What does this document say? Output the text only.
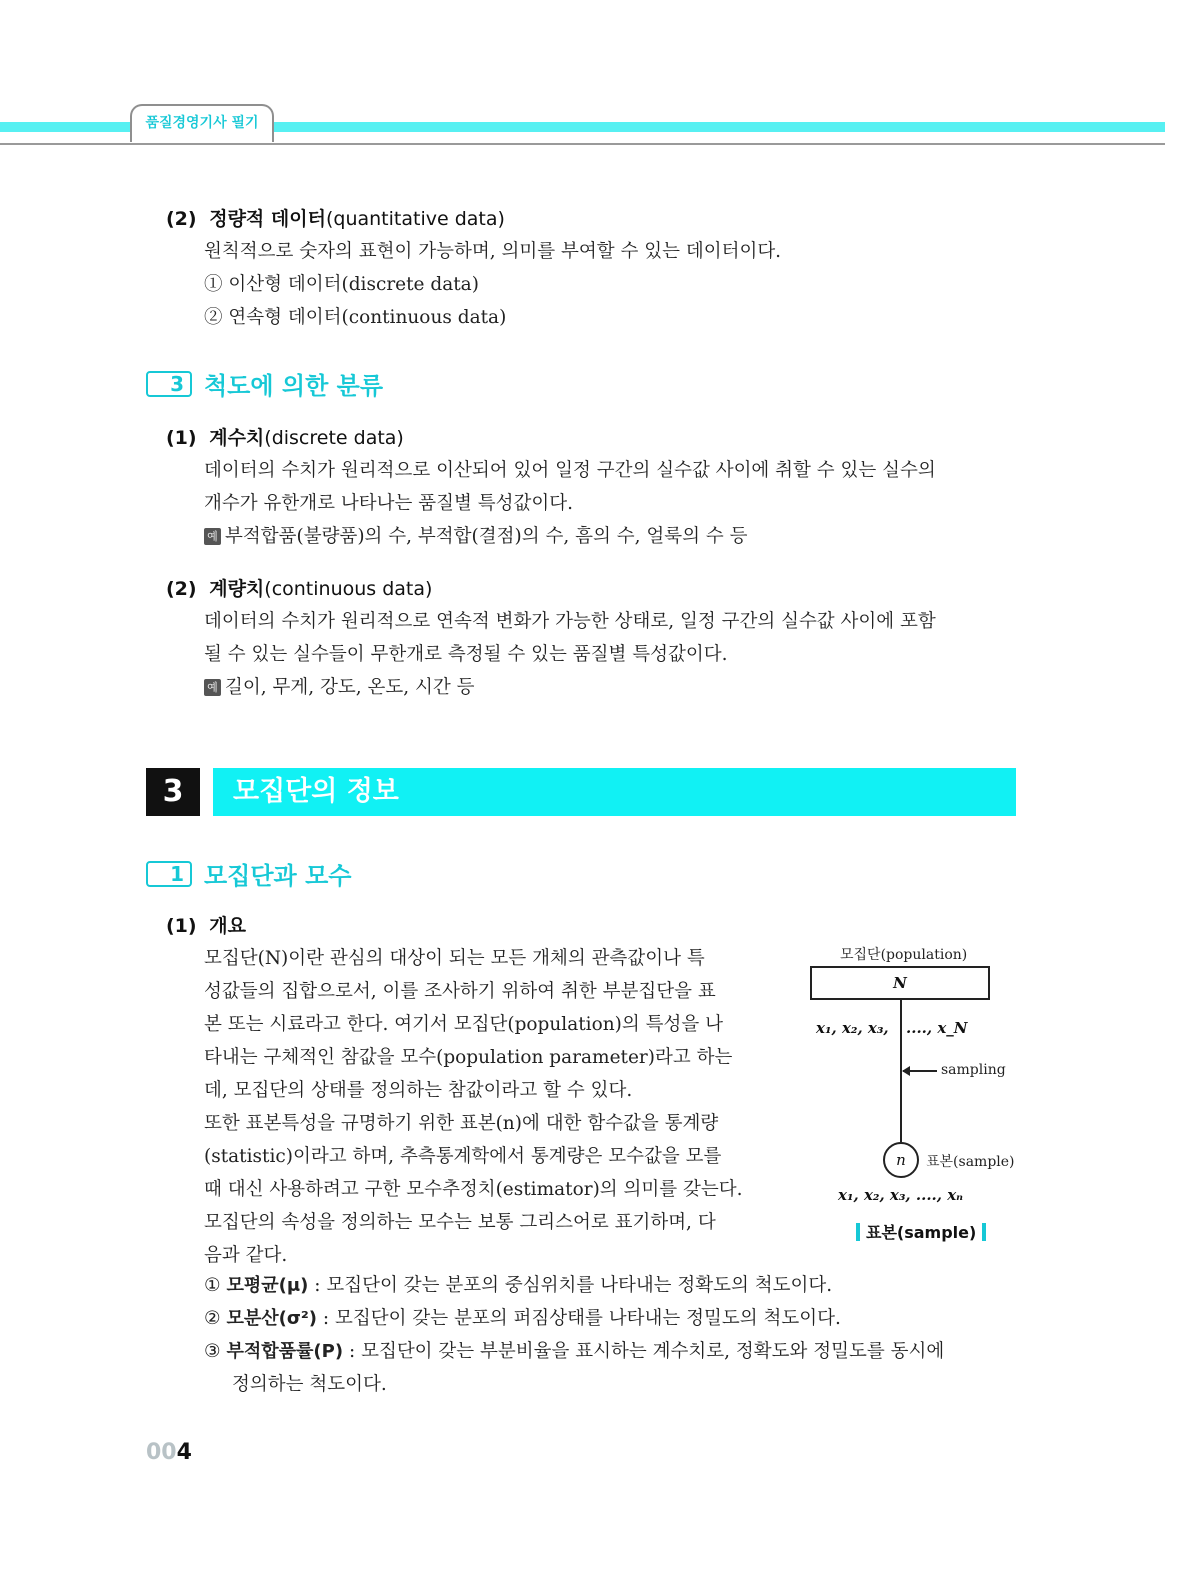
품질경영기사 필기
(2) 정량적 데이터(quantitative data)
원칙적으로 숫자의 표현이 가능하며, 의미를 부여할 수 있는 데이터이다.
① 이산형 데이터(discrete data)
② 연속형 데이터(continuous data)
3 척도에 의한 분류
(1) 계수치(discrete data)
데이터의 수치가 원리적으로 이산되어 있어 일정 구간의 실수값 사이에 취할 수 있는 실수의
개수가 유한개로 나타나는 품질별 특성값이다.
예 부적합품(불량품)의 수, 부적합(결점)의 수, 흠의 수, 얼룩의 수 등
(2) 계량치(continuous data)
데이터의 수치가 원리적으로 연속적 변화가 가능한 상태로, 일정 구간의 실수값 사이에 포함
될 수 있는 실수들이 무한개로 측정될 수 있는 품질별 특성값이다.
예 길이, 무게, 강도, 온도, 시간 등
3	모집단의 정보
1 모집단과 모수
(1) 개요
모집단(N)이란 관심의 대상이 되는 모든 개체의 관측값이나 특
성값들의 집합으로서, 이를 조사하기 위하여 취한 부분집단을 표
본 또는 시료라고 한다. 여기서 모집단(population)의 특성을 나
타내는 구체적인 참값을 모수(population parameter)라고 하는
데, 모집단의 상태를 정의하는 참값이라고 할 수 있다.
또한 표본특성을 규명하기 위한 표본(n)에 대한 함수값을 통계량
(statistic)이라고 하며, 추측통계학에서 통계량은 모수값을 모를
때 대신 사용하려고 구한 모수추정치(estimator)의 의미를 갖는다.
모집단의 속성을 정의하는 모수는 보통 그리스어로 표기하며, 다
음과 같다.
① 모평균(μ) : 모집단이 갖는 분포의 중심위치를 나타내는 정확도의 척도이다.
② 모분산(σ²) : 모집단이 갖는 분포의 퍼짐상태를 나타내는 정밀도의 척도이다.
③ 부적합품률(P) : 모집단이 갖는 부분비율을 표시하는 계수치로, 정확도와 정밀도를 동시에
정의하는 척도이다.
모집단(population)
N
x₁, x₂, x₃, ...., x_N
sampling
n	표본(sample)
x₁, x₂, x₃, ...., xₙ
표본(sample)
004
